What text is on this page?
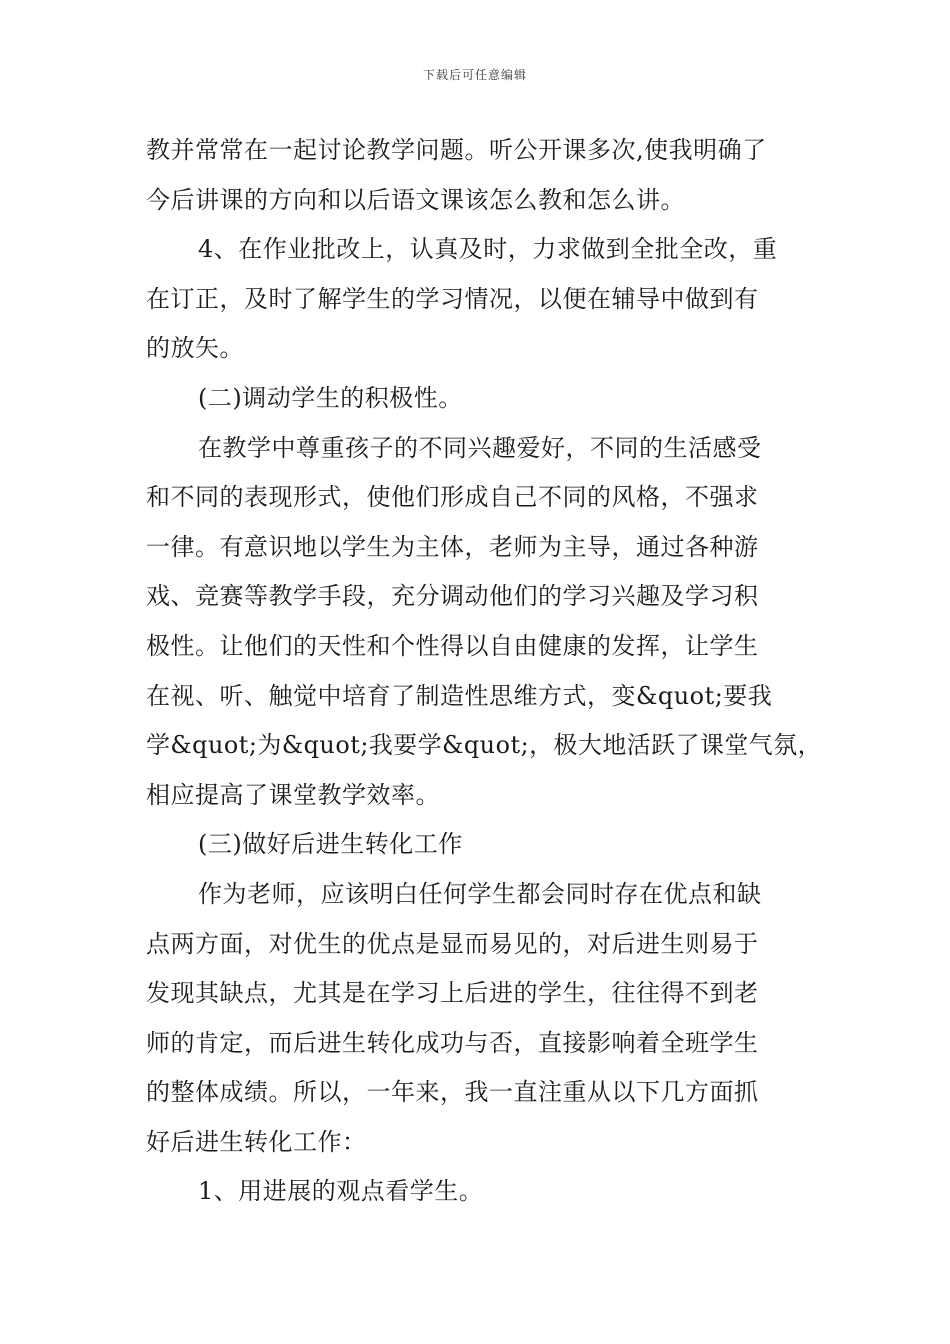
下载后可任意编辑
教并常常在一起讨论教学问题。听公开课多次,使我明确了
今后讲课的方向和以后语文课该怎么教和怎么讲。
4、在作业批改上，认真及时，力求做到全批全改，重
在订正，及时了解学生的学习情况，以便在辅导中做到有
的放矢。
(二)调动学生的积极性。
在教学中尊重孩子的不同兴趣爱好，不同的生活感受
和不同的表现形式，使他们形成自己不同的风格，不强求
一律。有意识地以学生为主体，老师为主导，通过各种游
戏、竞赛等教学手段，充分调动他们的学习兴趣及学习积
极性。让他们的天性和个性得以自由健康的发挥，让学生
在视、听、触觉中培育了制造性思维方式，变&quot;要我
学&quot;为&quot;我要学&quot;，极大地活跃了课堂气氛，
相应提高了课堂教学效率。
(三)做好后进生转化工作
作为老师，应该明白任何学生都会同时存在优点和缺
点两方面，对优生的优点是显而易见的，对后进生则易于
发现其缺点，尤其是在学习上后进的学生，往往得不到老
师的肯定，而后进生转化成功与否，直接影响着全班学生
的整体成绩。所以，一年来，我一直注重从以下几方面抓
好后进生转化工作：
1、用进展的观点看学生。
